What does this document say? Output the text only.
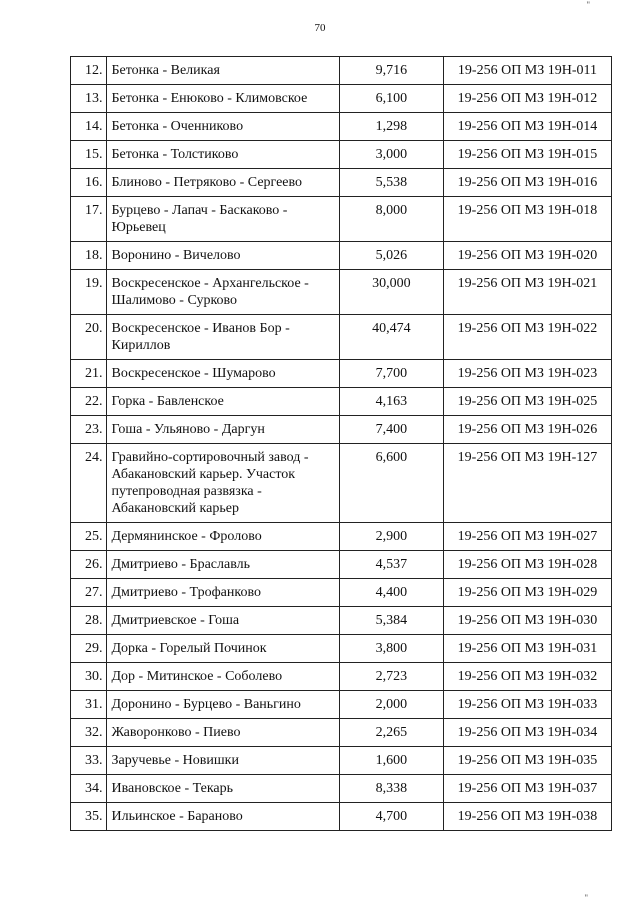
70
"
12.	Бетонка - Великая	9,716	19-256 ОП МЗ 19Н-011
13.	Бетонка - Енюково - Климовское	6,100	19-256 ОП МЗ 19Н-012
14.	Бетонка - Оченниково	1,298	19-256 ОП МЗ 19Н-014
15.	Бетонка - Толстиково	3,000	19-256 ОП МЗ 19Н-015
16.	Блиново - Петряково - Сергеево	5,538	19-256 ОП МЗ 19Н-016
17.	Бурцево - Лапач - Баскаково - Юрьевец	8,000	19-256 ОП МЗ 19Н-018
18.	Воронино - Вичелово	5,026	19-256 ОП МЗ 19Н-020
19.	Воскресенское - Архангельское - Шалимово - Сурково	30,000	19-256 ОП МЗ 19Н-021
20.	Воскресенское - Иванов Бор - Кириллов	40,474	19-256 ОП МЗ 19Н-022
21.	Воскресенское - Шумарово	7,700	19-256 ОП МЗ 19Н-023
22.	Горка - Бавленское	4,163	19-256 ОП МЗ 19Н-025
23.	Гоша - Ульяново - Даргун	7,400	19-256 ОП МЗ 19Н-026
24.	Гравийно-сортировочный завод - Абакановский карьер. Участок путепроводная развязка - Абакановский карьер	6,600	19-256 ОП МЗ 19Н-127
25.	Дермянинское - Фролово	2,900	19-256 ОП МЗ 19Н-027
26.	Дмитриево - Браславль	4,537	19-256 ОП МЗ 19Н-028
27.	Дмитриево - Трофанково	4,400	19-256 ОП МЗ 19Н-029
28.	Дмитриевское - Гоша	5,384	19-256 ОП МЗ 19Н-030
29.	Дорка - Горелый Починок	3,800	19-256 ОП МЗ 19Н-031
30.	Дор - Митинское - Соболево	2,723	19-256 ОП МЗ 19Н-032
31.	Доронино - Бурцево - Ваньгино	2,000	19-256 ОП МЗ 19Н-033
32.	Жаворонково - Пиево	2,265	19-256 ОП МЗ 19Н-034
33.	Заручевье - Новишки	1,600	19-256 ОП МЗ 19Н-035
34.	Ивановское - Текарь	8,338	19-256 ОП МЗ 19Н-037
35.	Ильинское - Бараново	4,700	19-256 ОП МЗ 19Н-038
"
